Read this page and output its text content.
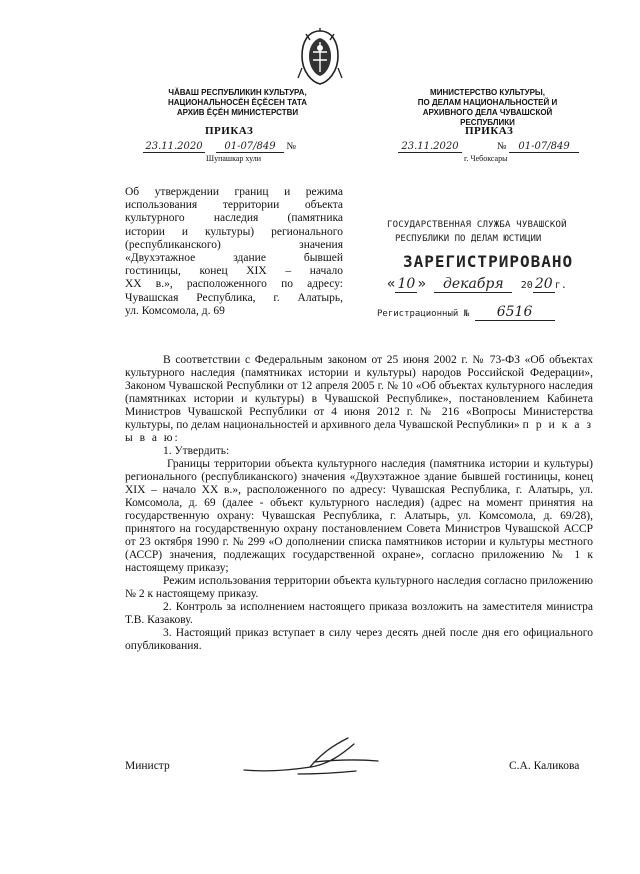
ЧĂВАШ РЕСПУБЛИКИН КУЛЬТУРА,
НАЦИОНАЛЬНОСĔН ĔÇĔСЕН ТАТА
АРХИВ ĔÇĔН МИНИСТЕРСТВИ
ПРИКАЗ
23.11.2020 01-07/849 №
Шупашкар хули
МИНИСТЕРСТВО КУЛЬТУРЫ,
ПО ДЕЛАМ НАЦИОНАЛЬНОСТЕЙ И
АРХИВНОГО ДЕЛА ЧУВАШСКОЙ РЕСПУБЛИКИ
ПРИКАЗ
23.11.2020	№ 01-07/849
г. Чебоксары
Об утверждении границ и режима
использования территории объекта
культурного наследия (памятника
истории и культуры) регионального
(республиканского) значения
«Двухэтажное здание бывшей
гостиницы, конец XIX – начало
XX в.», расположенного по адресу:
Чувашская Республика, г. Алатырь,
ул. Комсомола, д. 69
ГОСУДАРСТВЕННАЯ СЛУЖБА ЧУВАШСКОЙ
РЕСПУБЛИКИ ПО ДЕЛАМ ЮСТИЦИИ
ЗАРЕГИСТРИРОВАНО
« 10 » декабря 20 20 г.
Регистрационный № 6516

В соответствии с Федеральным законом от 25 июня 2002 г. № 73-ФЗ «Об объектах культурного наследия (памятниках истории и культуры) народов Российской Федерации», Законом Чувашской Республики от 12 апреля 2005 г. № 10 «Об объектах культурного наследия (памятниках истории и культуры) в Чувашской Республике», постановлением Кабинета Министров Чувашской Республики от 4 июня 2012 г. № 216 «Вопросы Министерства культуры, по делам национальностей и архивного дела Чувашской Республики» п р и к а з ы в а ю:

1. Утвердить:

Границы территории объекта культурного наследия (памятника истории и культуры) регионального (республиканского) значения «Двухэтажное здание бывшей гостиницы, конец XIX – начало XX в.», расположенного по адресу: Чувашская Республика, г. Алатырь, ул. Комсомола, д. 69 (далее - объект культурного наследия) (адрес на момент принятия на государственную охрану: Чувашская Республика, г. Алатырь, ул. Комсомола, д. 69/28), принятого на государственную охрану постановлением Совета Министров Чувашской АССР от 23 октября 1990 г. № 299 «О дополнении списка памятников истории и культуры местного (АССР) значения, подлежащих государственной охране», согласно приложению № 1 к настоящему приказу;

Режим использования территории объекта культурного наследия согласно приложению № 2 к настоящему приказу.

2. Контроль за исполнением настоящего приказа возложить на заместителя министра Т.В. Казакову.

3. Настоящий приказ вступает в силу через десять дней после дня его официального опубликования.

Министр	С.А. Каликова
